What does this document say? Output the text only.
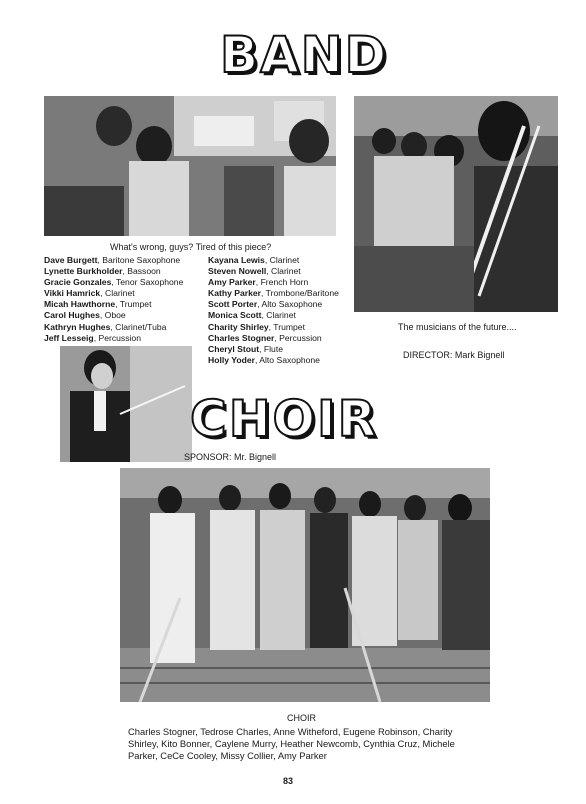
BAND
What's wrong, guys? Tired of this piece?
Dave Burgett, Baritone Saxophone
Lynette Burkholder, Bassoon
Gracie Gonzales, Tenor Saxophone
Vikki Hamrick, Clarinet
Micah Hawthorne, Trumpet
Carol Hughes, Oboe
Kathryn Hughes, Clarinet/Tuba
Jeff Lesseig, Percussion
Kayana Lewis, Clarinet
Steven Nowell, Clarinet
Amy Parker, French Horn
Kathy Parker, Trombone/Baritone
Scott Porter, Alto Saxophone
Monica Scott, Clarinet
Charity Shirley, Trumpet
Charles Stogner, Percussion
Cheryl Stout, Flute
Holly Yoder, Alto Saxophone
The musicians of the future....
DIRECTOR: Mark Bignell
CHOIR
SPONSOR: Mr. Bignell
CHOIR
Charles Stogner, Tedrose Charles, Anne Witheford, Eugene Robinson, Charity Shirley, Kito Bonner, Caylene Murry, Heather Newcomb, Cynthia Cruz, Michele Parker, CeCe Cooley, Missy Collier, Amy Parker
83
